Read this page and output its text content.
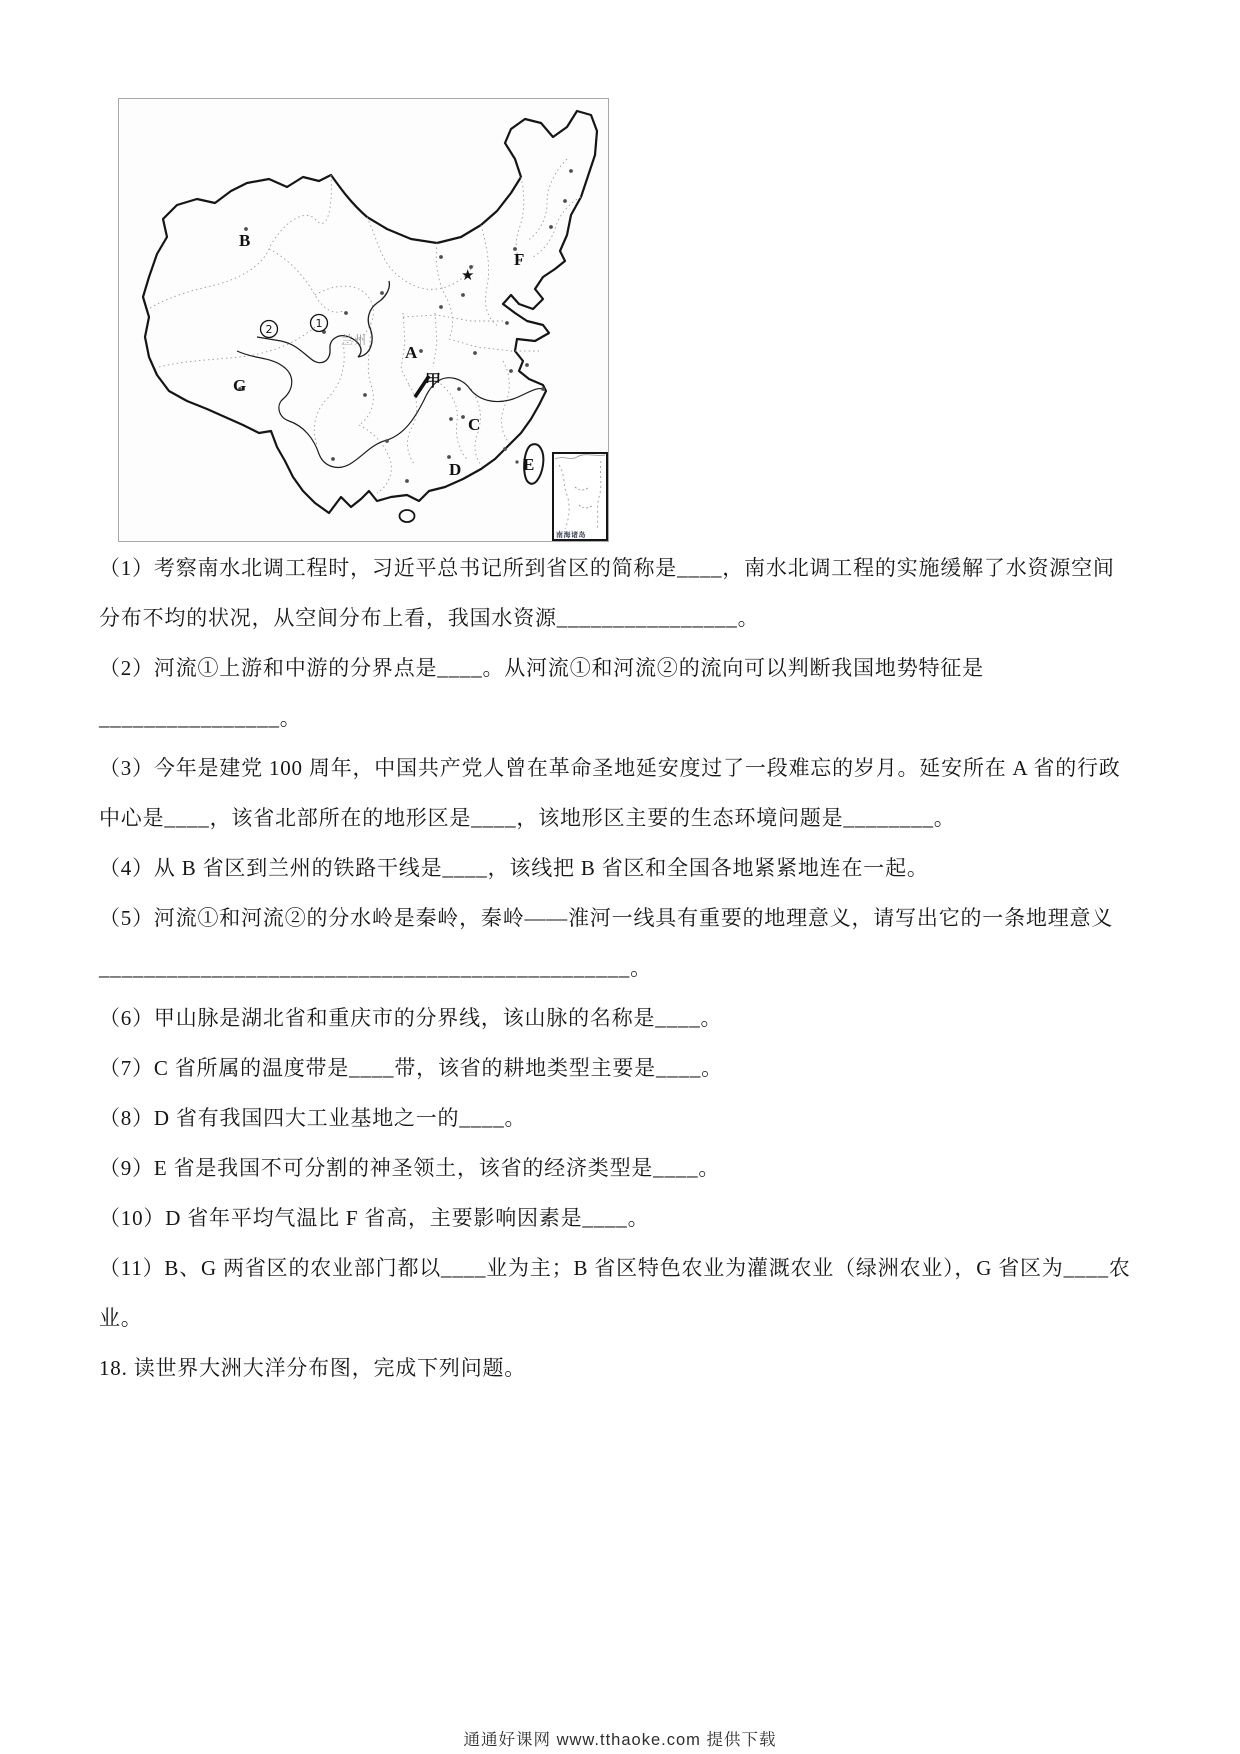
B
F
A
G
C
D	E
1
2
甲
兰州
★
南海诸岛
（1）考察南水北调工程时，习近平总书记所到省区的简称是____，南水北调工程的实施缓解了水资源空间
分布不均的状况，从空间分布上看，我国水资源________________。
（2）河流①上游和中游的分界点是____。从河流①和河流②的流向可以判断我国地势特征是
________________。
（3）今年是建党 100 周年，中国共产党人曾在革命圣地延安度过了一段难忘的岁月。延安所在 A 省的行政
中心是____，该省北部所在的地形区是____，该地形区主要的生态环境问题是________。
（4）从 B 省区到兰州的铁路干线是____，该线把 B 省区和全国各地紧紧地连在一起。
（5）河流①和河流②的分水岭是秦岭，秦岭——淮河一线具有重要的地理意义，请写出它的一条地理意义
_______________________________________________。
（6）甲山脉是湖北省和重庆市的分界线，该山脉的名称是____。
（7）C 省所属的温度带是____带，该省的耕地类型主要是____。
（8）D 省有我国四大工业基地之一的____。
（9）E 省是我国不可分割的神圣领土，该省的经济类型是____。
（10）D 省年平均气温比 F 省高，主要影响因素是____。
（11）B、G 两省区的农业部门都以____业为主；B 省区特色农业为灌溉农业（绿洲农业），G 省区为____农
业。
18. 读世界大洲大洋分布图，完成下列问题。
通通好课网 www.tthaoke.com 提供下载
